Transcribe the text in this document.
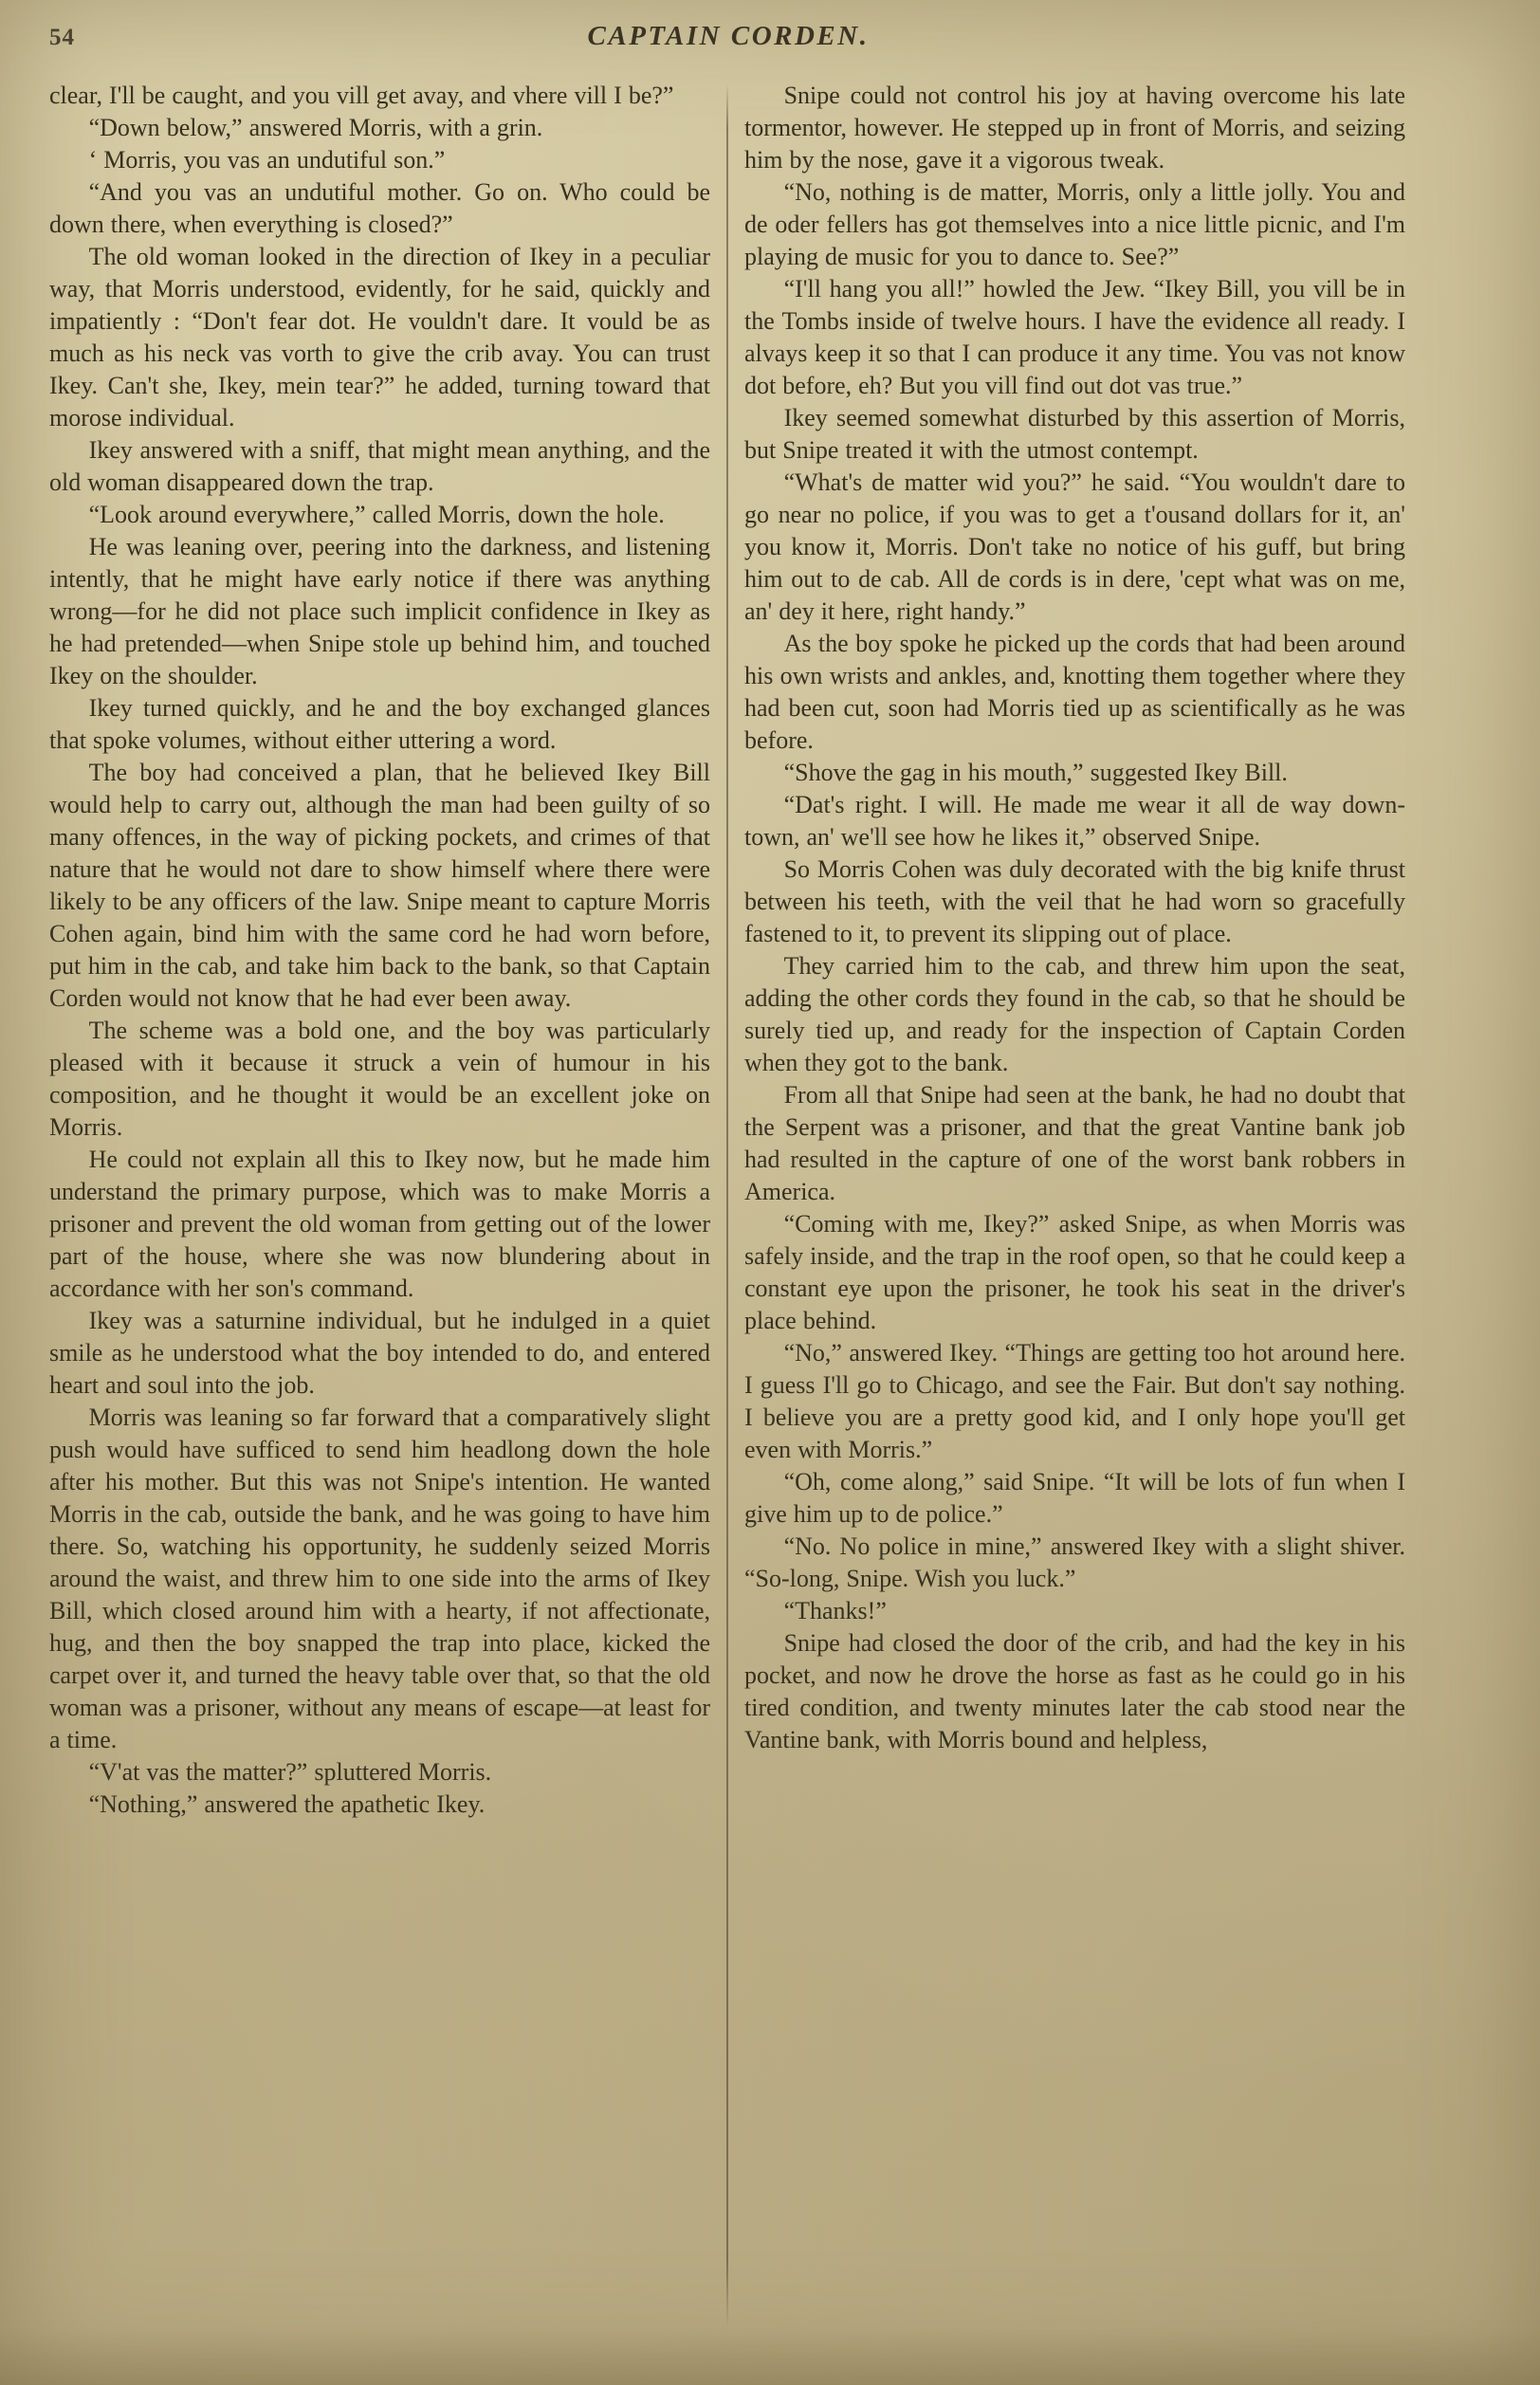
54	CAPTAIN CORDEN.

clear, I'll be caught, and you vill get avay, and vhere vill I be?”

“Down below,” answered Morris, with a grin.

‘ Morris, you vas an undutiful son.”

“And you vas an undutiful mother. Go on. Who could be down there, when everything is closed?”

The old woman looked in the direction of Ikey in a peculiar way, that Morris understood, evidently, for he said, quickly and impatiently : “Don't fear dot. He vouldn't dare. It vould be as much as his neck vas vorth to give the crib avay. You can trust Ikey. Can't she, Ikey, mein tear?” he added, turning toward that morose individual.

Ikey answered with a sniff, that might mean anything, and the old woman disappeared down the trap.

“Look around everywhere,” called Morris, down the hole.

He was leaning over, peering into the darkness, and listening intently, that he might have early notice if there was anything wrong—for he did not place such implicit confidence in Ikey as he had pretended—when Snipe stole up behind him, and touched Ikey on the shoulder.

Ikey turned quickly, and he and the boy exchanged glances that spoke volumes, without either uttering a word.

The boy had conceived a plan, that he believed Ikey Bill would help to carry out, although the man had been guilty of so many offences, in the way of picking pockets, and crimes of that nature that he would not dare to show himself where there were likely to be any officers of the law. Snipe meant to capture Morris Cohen again, bind him with the same cord he had worn before, put him in the cab, and take him back to the bank, so that Captain Corden would not know that he had ever been away.

The scheme was a bold one, and the boy was particularly pleased with it because it struck a vein of humour in his composition, and he thought it would be an excellent joke on Morris.

He could not explain all this to Ikey now, but he made him understand the primary purpose, which was to make Morris a prisoner and prevent the old woman from getting out of the lower part of the house, where she was now blundering about in accordance with her son's command.

Ikey was a saturnine individual, but he indulged in a quiet smile as he understood what the boy intended to do, and entered heart and soul into the job.

Morris was leaning so far forward that a comparatively slight push would have sufficed to send him headlong down the hole after his mother. But this was not Snipe's intention. He wanted Morris in the cab, outside the bank, and he was going to have him there. So, watching his opportunity, he suddenly seized Morris around the waist, and threw him to one side into the arms of Ikey Bill, which closed around him with a hearty, if not affectionate, hug, and then the boy snapped the trap into place, kicked the carpet over it, and turned the heavy table over that, so that the old woman was a prisoner, without any means of escape—at least for a time.

“V'at vas the matter?” spluttered Morris.

“Nothing,” answered the apathetic Ikey.

Snipe could not control his joy at having overcome his late tormentor, however. He stepped up in front of Morris, and seizing him by the nose, gave it a vigorous tweak.

“No, nothing is de matter, Morris, only a little jolly. You and de oder fellers has got themselves into a nice little picnic, and I'm playing de music for you to dance to. See?”

“I'll hang you all!” howled the Jew. “Ikey Bill, you vill be in the Tombs inside of twelve hours. I have the evidence all ready. I alvays keep it so that I can produce it any time. You vas not know dot before, eh? But you vill find out dot vas true.”

Ikey seemed somewhat disturbed by this assertion of Morris, but Snipe treated it with the utmost contempt.

“What's de matter wid you?” he said. “You wouldn't dare to go near no police, if you was to get a t'ousand dollars for it, an' you know it, Morris. Don't take no notice of his guff, but bring him out to de cab. All de cords is in dere, 'cept what was on me, an' dey it here, right handy.”

As the boy spoke he picked up the cords that had been around his own wrists and ankles, and, knotting them together where they had been cut, soon had Morris tied up as scientifically as he was before.

“Shove the gag in his mouth,” suggested Ikey Bill.

“Dat's right. I will. He made me wear it all de way down-town, an' we'll see how he likes it,” observed Snipe.

So Morris Cohen was duly decorated with the big knife thrust between his teeth, with the veil that he had worn so gracefully fastened to it, to prevent its slipping out of place.

They carried him to the cab, and threw him upon the seat, adding the other cords they found in the cab, so that he should be surely tied up, and ready for the inspection of Captain Corden when they got to the bank.

From all that Snipe had seen at the bank, he had no doubt that the Serpent was a prisoner, and that the great Vantine bank job had resulted in the capture of one of the worst bank robbers in America.

“Coming with me, Ikey?” asked Snipe, as when Morris was safely inside, and the trap in the roof open, so that he could keep a constant eye upon the prisoner, he took his seat in the driver's place behind.

“No,” answered Ikey. “Things are getting too hot around here. I guess I'll go to Chicago, and see the Fair. But don't say nothing. I believe you are a pretty good kid, and I only hope you'll get even with Morris.”

“Oh, come along,” said Snipe. “It will be lots of fun when I give him up to de police.”

“No. No police in mine,” answered Ikey with a slight shiver. “So-long, Snipe. Wish you luck.”

“Thanks!”

Snipe had closed the door of the crib, and had the key in his pocket, and now he drove the horse as fast as he could go in his tired condition, and twenty minutes later the cab stood near the Vantine bank, with Morris bound and helpless,
